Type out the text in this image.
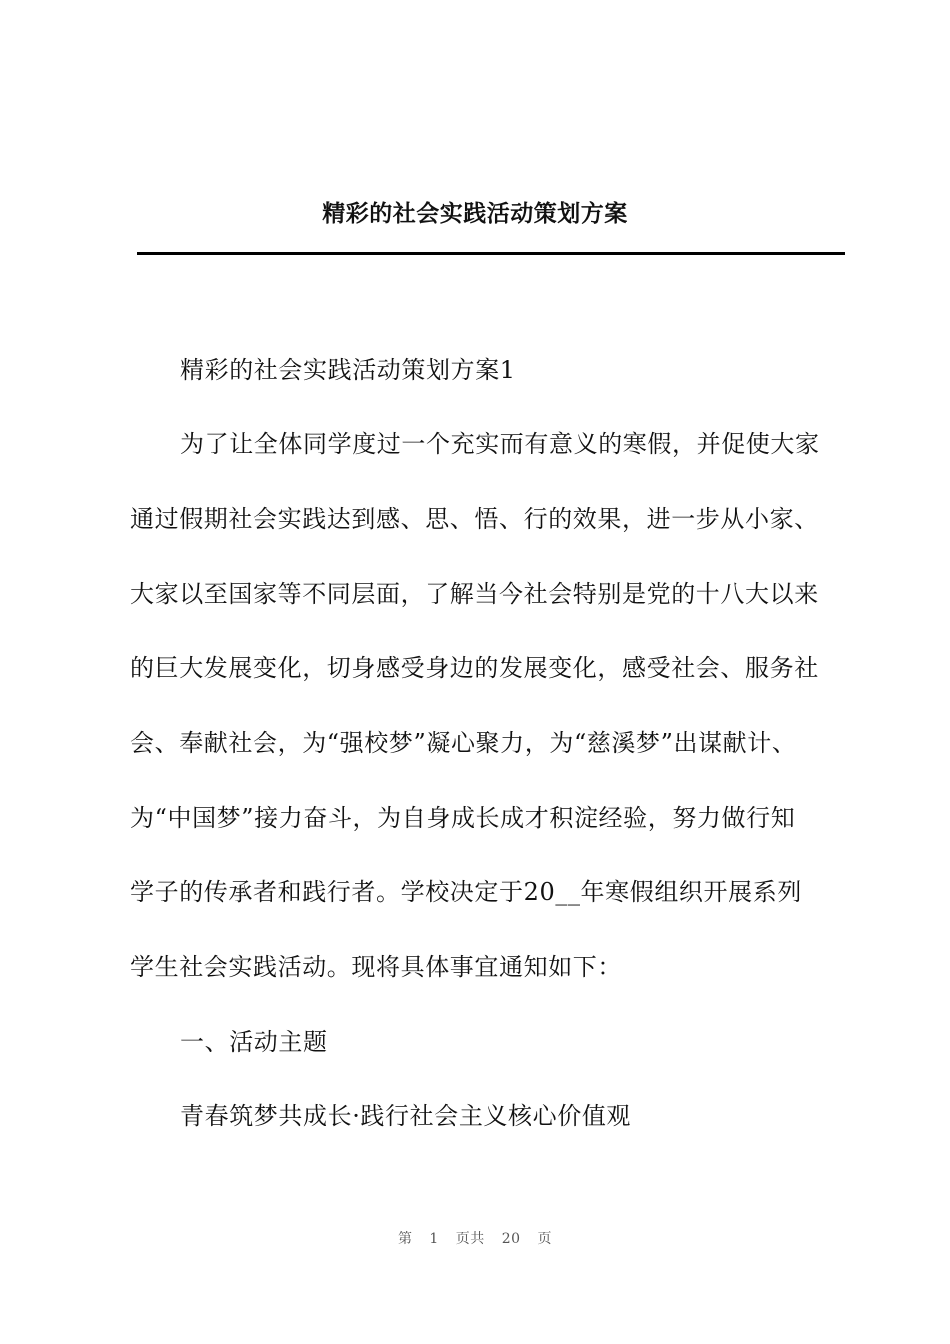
精彩的社会实践活动策划方案
精彩的社会实践活动策划方案1
为了让全体同学度过一个充实而有意义的寒假，并促使大家
通过假期社会实践达到感、思、悟、行的效果，进一步从小家、
大家以至国家等不同层面，了解当今社会特别是党的十八大以来
的巨大发展变化，切身感受身边的发展变化，感受社会、服务社
会、奉献社会，为“强校梦”凝心聚力，为“慈溪梦”出谋献计、
为“中国梦”接力奋斗，为自身成长成才积淀经验，努力做行知
学子的传承者和践行者。学校决定于20__年寒假组织开展系列
学生社会实践活动。现将具体事宜通知如下：
一、活动主题
青春筑梦共成长·践行社会主义核心价值观
第 1 页共 20 页
